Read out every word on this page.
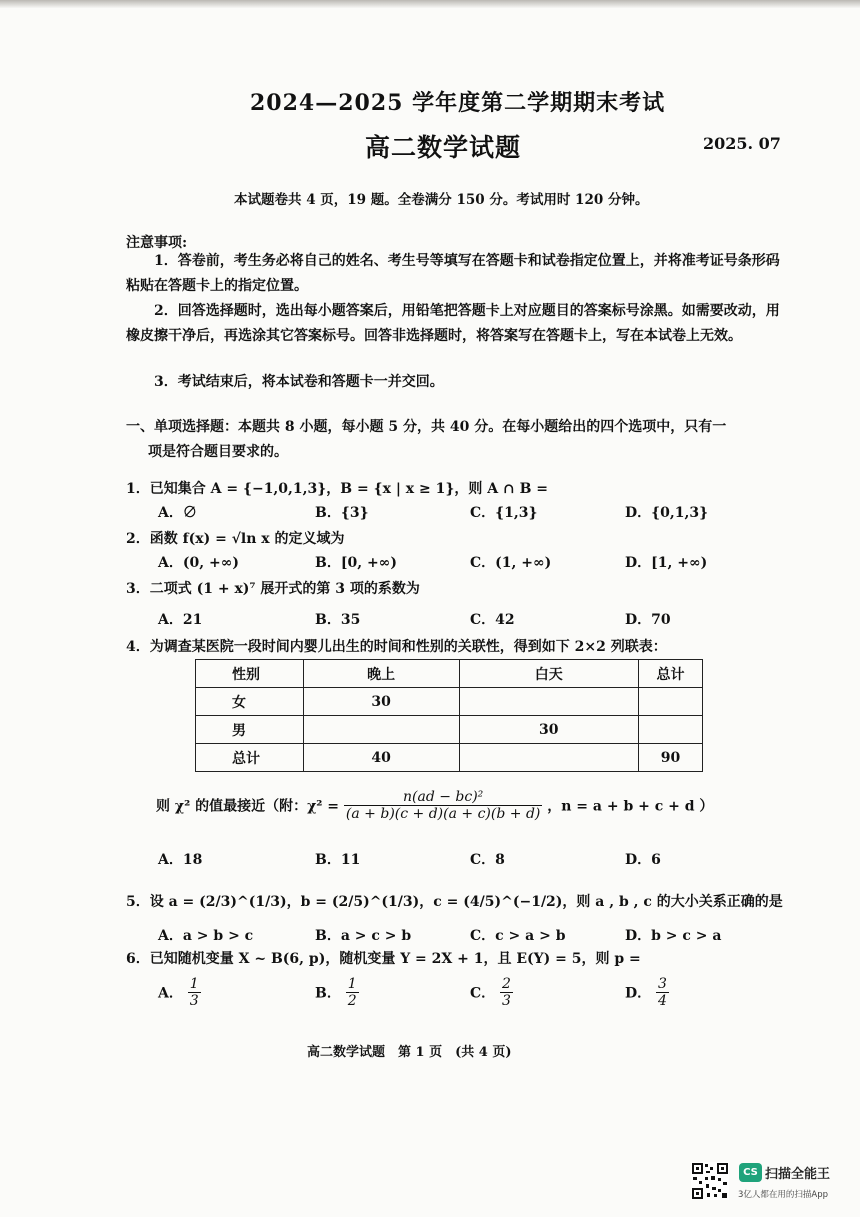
2024—2025 学年度第二学期期末考试
高二数学试题	2025. 07
本试题卷共 4 页，19 题。全卷满分 150 分。考试用时 120 分钟。
注意事项:
1．答卷前，考生务必将自己的姓名、考生号等填写在答题卡和试卷指定位置上，并将准考证号条形码粘贴在答题卡上的指定位置。
2．回答选择题时，选出每小题答案后，用铅笔把答题卡上对应题目的答案标号涂黑。如需要改动，用橡皮擦干净后，再选涂其它答案标号。回答非选择题时，将答案写在答题卡上，写在本试卷上无效。
3．考试结束后，将本试卷和答题卡一并交回。
一、单项选择题：本题共 8 小题，每小题 5 分，共 40 分。在每小题给出的四个选项中，只有一
项是符合题目要求的。
1．已知集合 A = {−1,0,1,3}，B = {x | x ≥ 1}，则 A ∩ B =
A．∅	B．{3}	C．{1,3}	D．{0,1,3}
2．函数 f(x) = √ln x 的定义域为
A．(0, +∞)	B．[0, +∞)	C．(1, +∞)	D．[1, +∞)
3．二项式 (1 + x)⁷ 展开式的第 3 项的系数为
A．21	B．35	C．42	D．70
4．为调查某医院一段时间内婴儿出生的时间和性别的关联性，得到如下 2×2 列联表：
性别	晚上	白天	总计
女	30		
男		30	
总计	40		90
则 χ² 的值最接近（附：$\chi^2 = \frac{\text{n(ad − bc)²}}{(a + b)(c + d)(a + c)(b + d)}$ ，n = a + b + c + d ）
A．18	B．11	C．8	D．6
5．设 a = (2/3)^(1/3)，b = (2/5)^(1/3)，c = (4/5)^(−1/2)，则 a , b , c 的大小关系正确的是
A．a > b > c	B．a > c > b	C．c > a > b	D．b > c > a
6．已知随机变量 X ~ B(6, p)，随机变量 Y = 2X + 1，且 E(Y) = 5，则 p =
A． $\frac{1}{3}$	B． $\frac{1}{2}$	C． $\frac{2}{3}$	D． $\frac{3}{4}$
高二数学试题　第 1 页　(共 4 页)
CS 扫描全能王
3亿人都在用的扫描App
